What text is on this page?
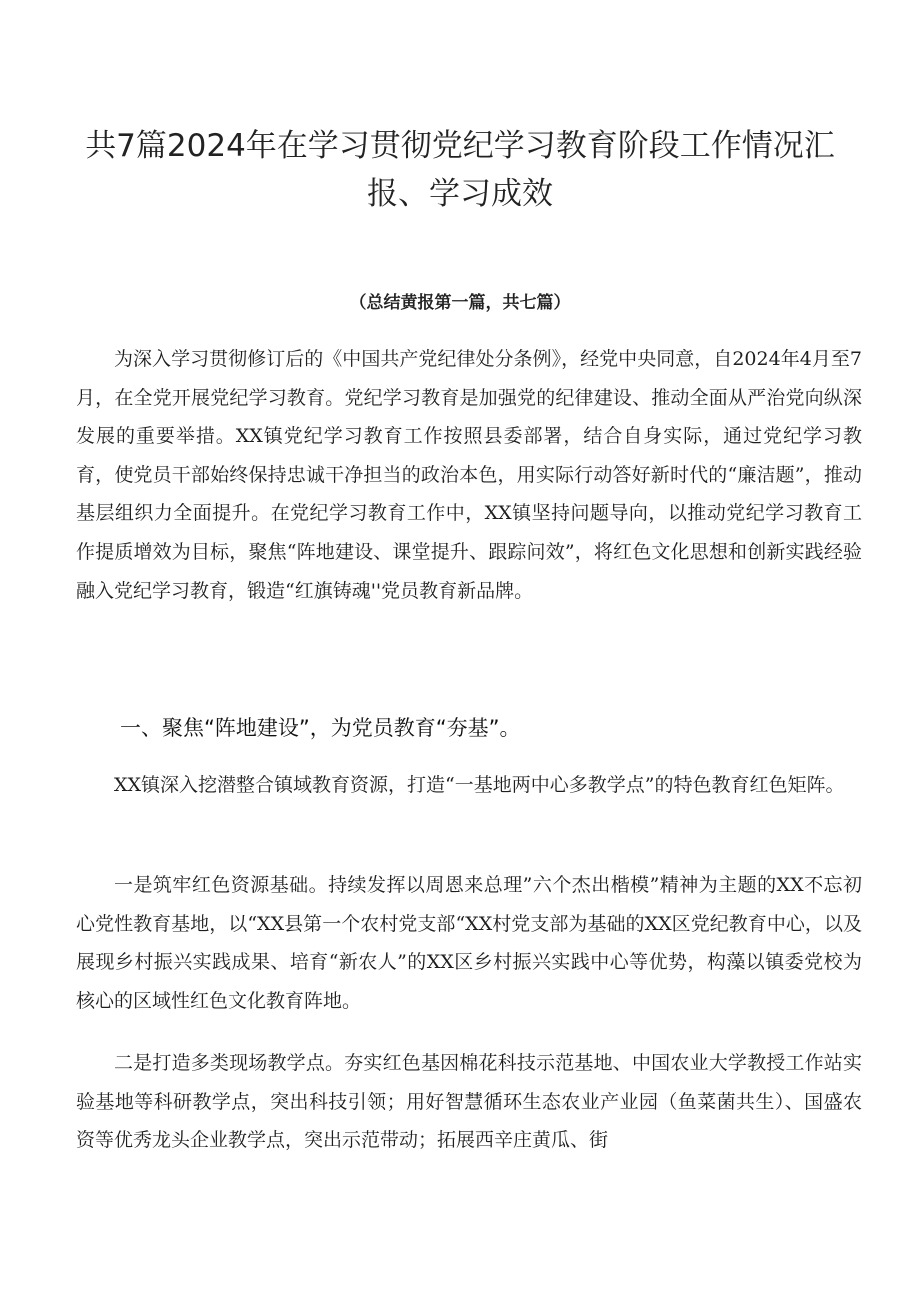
共7篇2024年在学习贯彻党纪学习教育阶段工作情况汇报、学习成效
（总结黄报第一篇，共七篇）
为深入学习贯彻修订后的《中国共产党纪律处分条例》，经党中央同意，自2024年4月至7月，在全党开展党纪学习教育。党纪学习教育是加强党的纪律建设、推动全面从严治党向纵深发展的重要举措。XX镇党纪学习教育工作按照县委部署，结合自身实际，通过党纪学习教育，使党员干部始终保持忠诚干净担当的政治本色，用实际行动答好新时代的“廉洁题”，推动基层组织力全面提升。在党纪学习教育工作中，XX镇坚持问题导向，以推动党纪学习教育工作提质增效为目标，聚焦“阵地建设、课堂提升、跟踪问效”，将红色文化思想和创新实践经验融入党纪学习教育，锻造“红旗铸魂''党员教育新品牌。
一、聚焦“阵地建设”，为党员教育“夯基”。
XX镇深入挖潜整合镇域教育资源，打造“一基地两中心多教学点”的特色教育红色矩阵。
一是筑牢红色资源基础。持续发挥以周恩来总理”六个杰出楷模”精神为主题的XX不忘初心党性教育基地，以“XX县第一个农村党支部“XX村党支部为基础的XX区党纪教育中心，以及展现乡村振兴实践成果、培育“新农人”的XX区乡村振兴实践中心等优势，构藻以镇委党校为核心的区域性红色文化教育阵地。
二是打造多类现场教学点。夯实红色基因棉花科技示范基地、中国农业大学教授工作站实验基地等科研教学点，突出科技引领；用好智慧循环生态农业产业园（鱼菜菌共生）、国盛农资等优秀龙头企业教学点，突出示范带动；拓展西辛庄黄瓜、街
